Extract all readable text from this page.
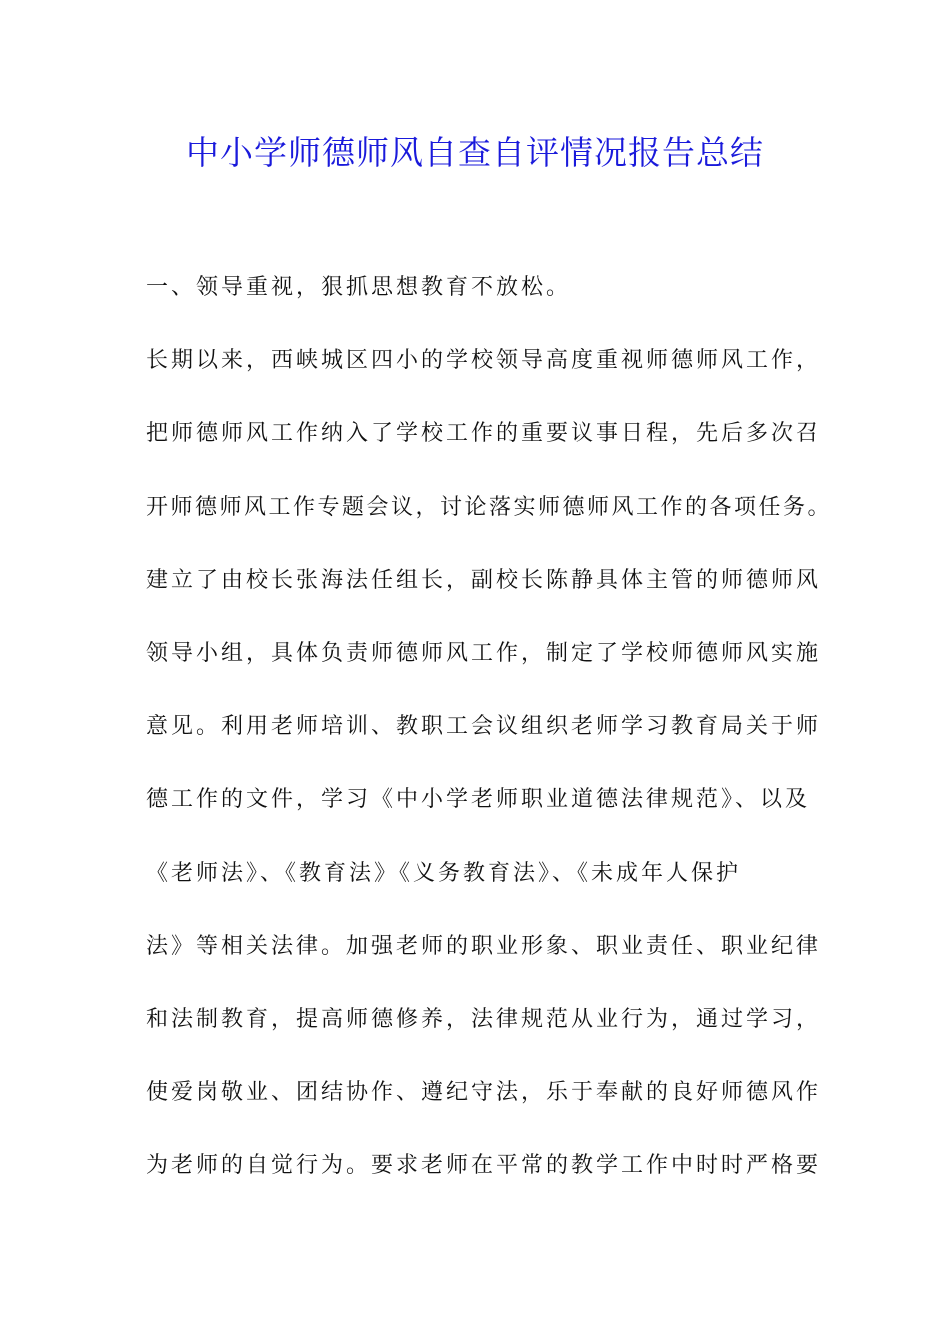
中小学师德师风自查自评情况报告总结

一、领导重视，狠抓思想教育不放松。

长期以来，西峡城区四小的学校领导高度重视师德师风工作，

把师德师风工作纳入了学校工作的重要议事日程，先后多次召

开师德师风工作专题会议，讨论落实师德师风工作的各项任务。

建立了由校长张海法任组长，副校长陈静具体主管的师德师风

领导小组，具体负责师德师风工作，制定了学校师德师风实施

意见。利用老师培训、教职工会议组织老师学习教育局关于师

德工作的文件，学习《中小学老师职业道德法律规范》、以及

《老师法》、《教育法》《义务教育法》、《未成年人保护

法》等相关法律。加强老师的职业形象、职业责任、职业纪律

和法制教育，提高师德修养，法律规范从业行为，通过学习，

使爱岗敬业、团结协作、遵纪守法，乐于奉献的良好师德风作

为老师的自觉行为。要求老师在平常的教学工作中时时严格要
